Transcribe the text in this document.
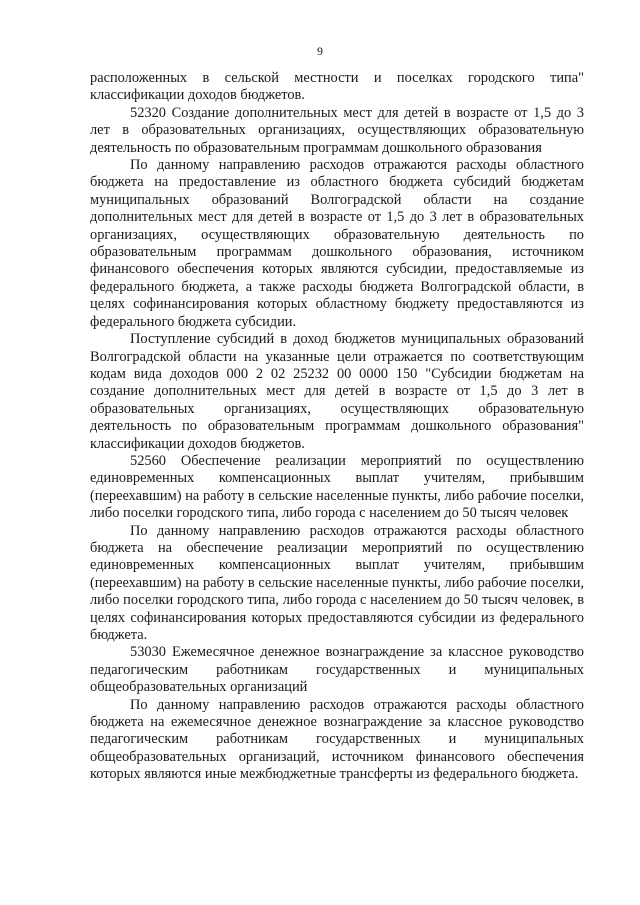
9

расположенных в сельской местности и поселках городского типа" классификации доходов бюджетов.

52320 Создание дополнительных мест для детей в возрасте от 1,5 до 3 лет в образовательных организациях, осуществляющих образовательную деятельность по образовательным программам дошкольного образования

По данному направлению расходов отражаются расходы областного бюджета на предоставление из областного бюджета субсидий бюджетам муниципальных образований Волгоградской области на создание дополнительных мест для детей в возрасте от 1,5 до 3 лет в образовательных организациях, осуществляющих образовательную деятельность по образовательным программам дошкольного образования, источником финансового обеспечения которых являются субсидии, предоставляемые из федерального бюджета, а также расходы бюджета Волгоградской области, в целях софинансирования которых областному бюджету предоставляются из федерального бюджета субсидии.

Поступление субсидий в доход бюджетов муниципальных образований Волгоградской области на указанные цели отражается по соответствующим кодам вида доходов 000 2 02 25232 00 0000 150 "Субсидии бюджетам на создание дополнительных мест для детей в возрасте от 1,5 до 3 лет в образовательных организациях, осуществляющих образовательную деятельность по образовательным программам дошкольного образования" классификации доходов бюджетов.

52560 Обеспечение реализации мероприятий по осуществлению единовременных компенсационных выплат учителям, прибывшим (переехавшим) на работу в сельские населенные пункты, либо рабочие поселки, либо поселки городского типа, либо города с населением до 50 тысяч человек

По данному направлению расходов отражаются расходы областного бюджета на обеспечение реализации мероприятий по осуществлению единовременных компенсационных выплат учителям, прибывшим (переехавшим) на работу в сельские населенные пункты, либо рабочие поселки, либо поселки городского типа, либо города с населением до 50 тысяч человек, в целях софинансирования которых предоставляются субсидии из федерального бюджета.

53030 Ежемесячное денежное вознаграждение за классное руководство педагогическим работникам государственных и муниципальных общеобразовательных организаций

По данному направлению расходов отражаются расходы областного бюджета на ежемесячное денежное вознаграждение за классное руководство педагогическим работникам государственных и муниципальных общеобразовательных организаций, источником финансового обеспечения которых являются иные межбюджетные трансферты из федерального бюджета.
